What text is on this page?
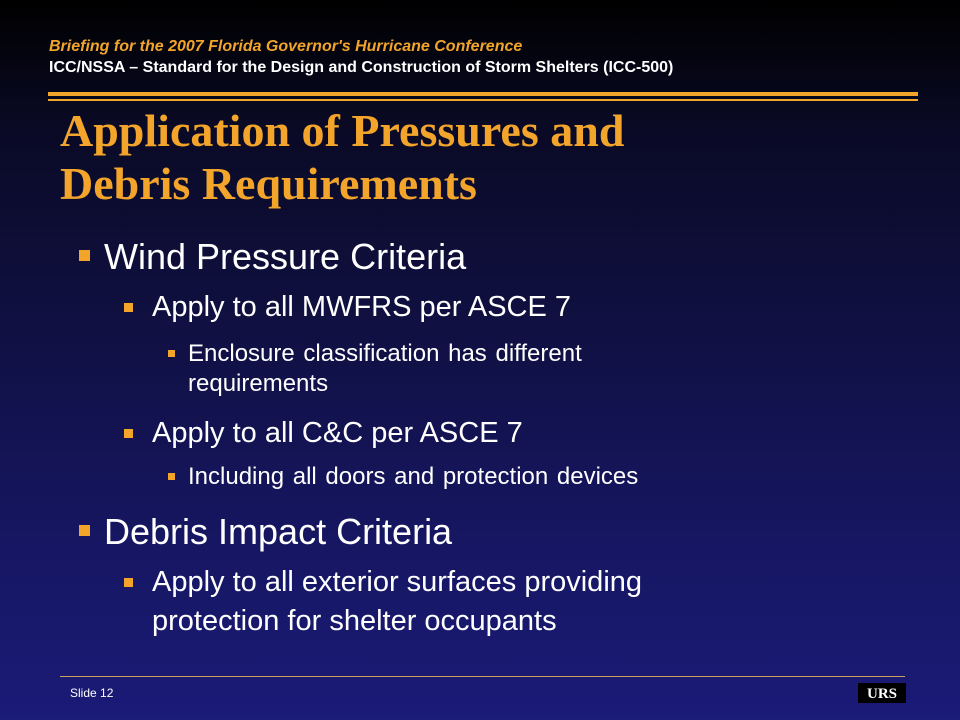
Briefing for the 2007 Florida Governor's Hurricane Conference
ICC/NSSA – Standard for the Design and Construction of Storm Shelters (ICC-500)
Application of Pressures and
Debris Requirements
Wind Pressure Criteria
Apply to all MWFRS per ASCE 7
Enclosure classification has different
requirements
Apply to all C&C per ASCE 7
Including all doors and protection devices
Debris Impact Criteria
Apply to all exterior surfaces providing
protection for shelter occupants
Slide 12	URS
